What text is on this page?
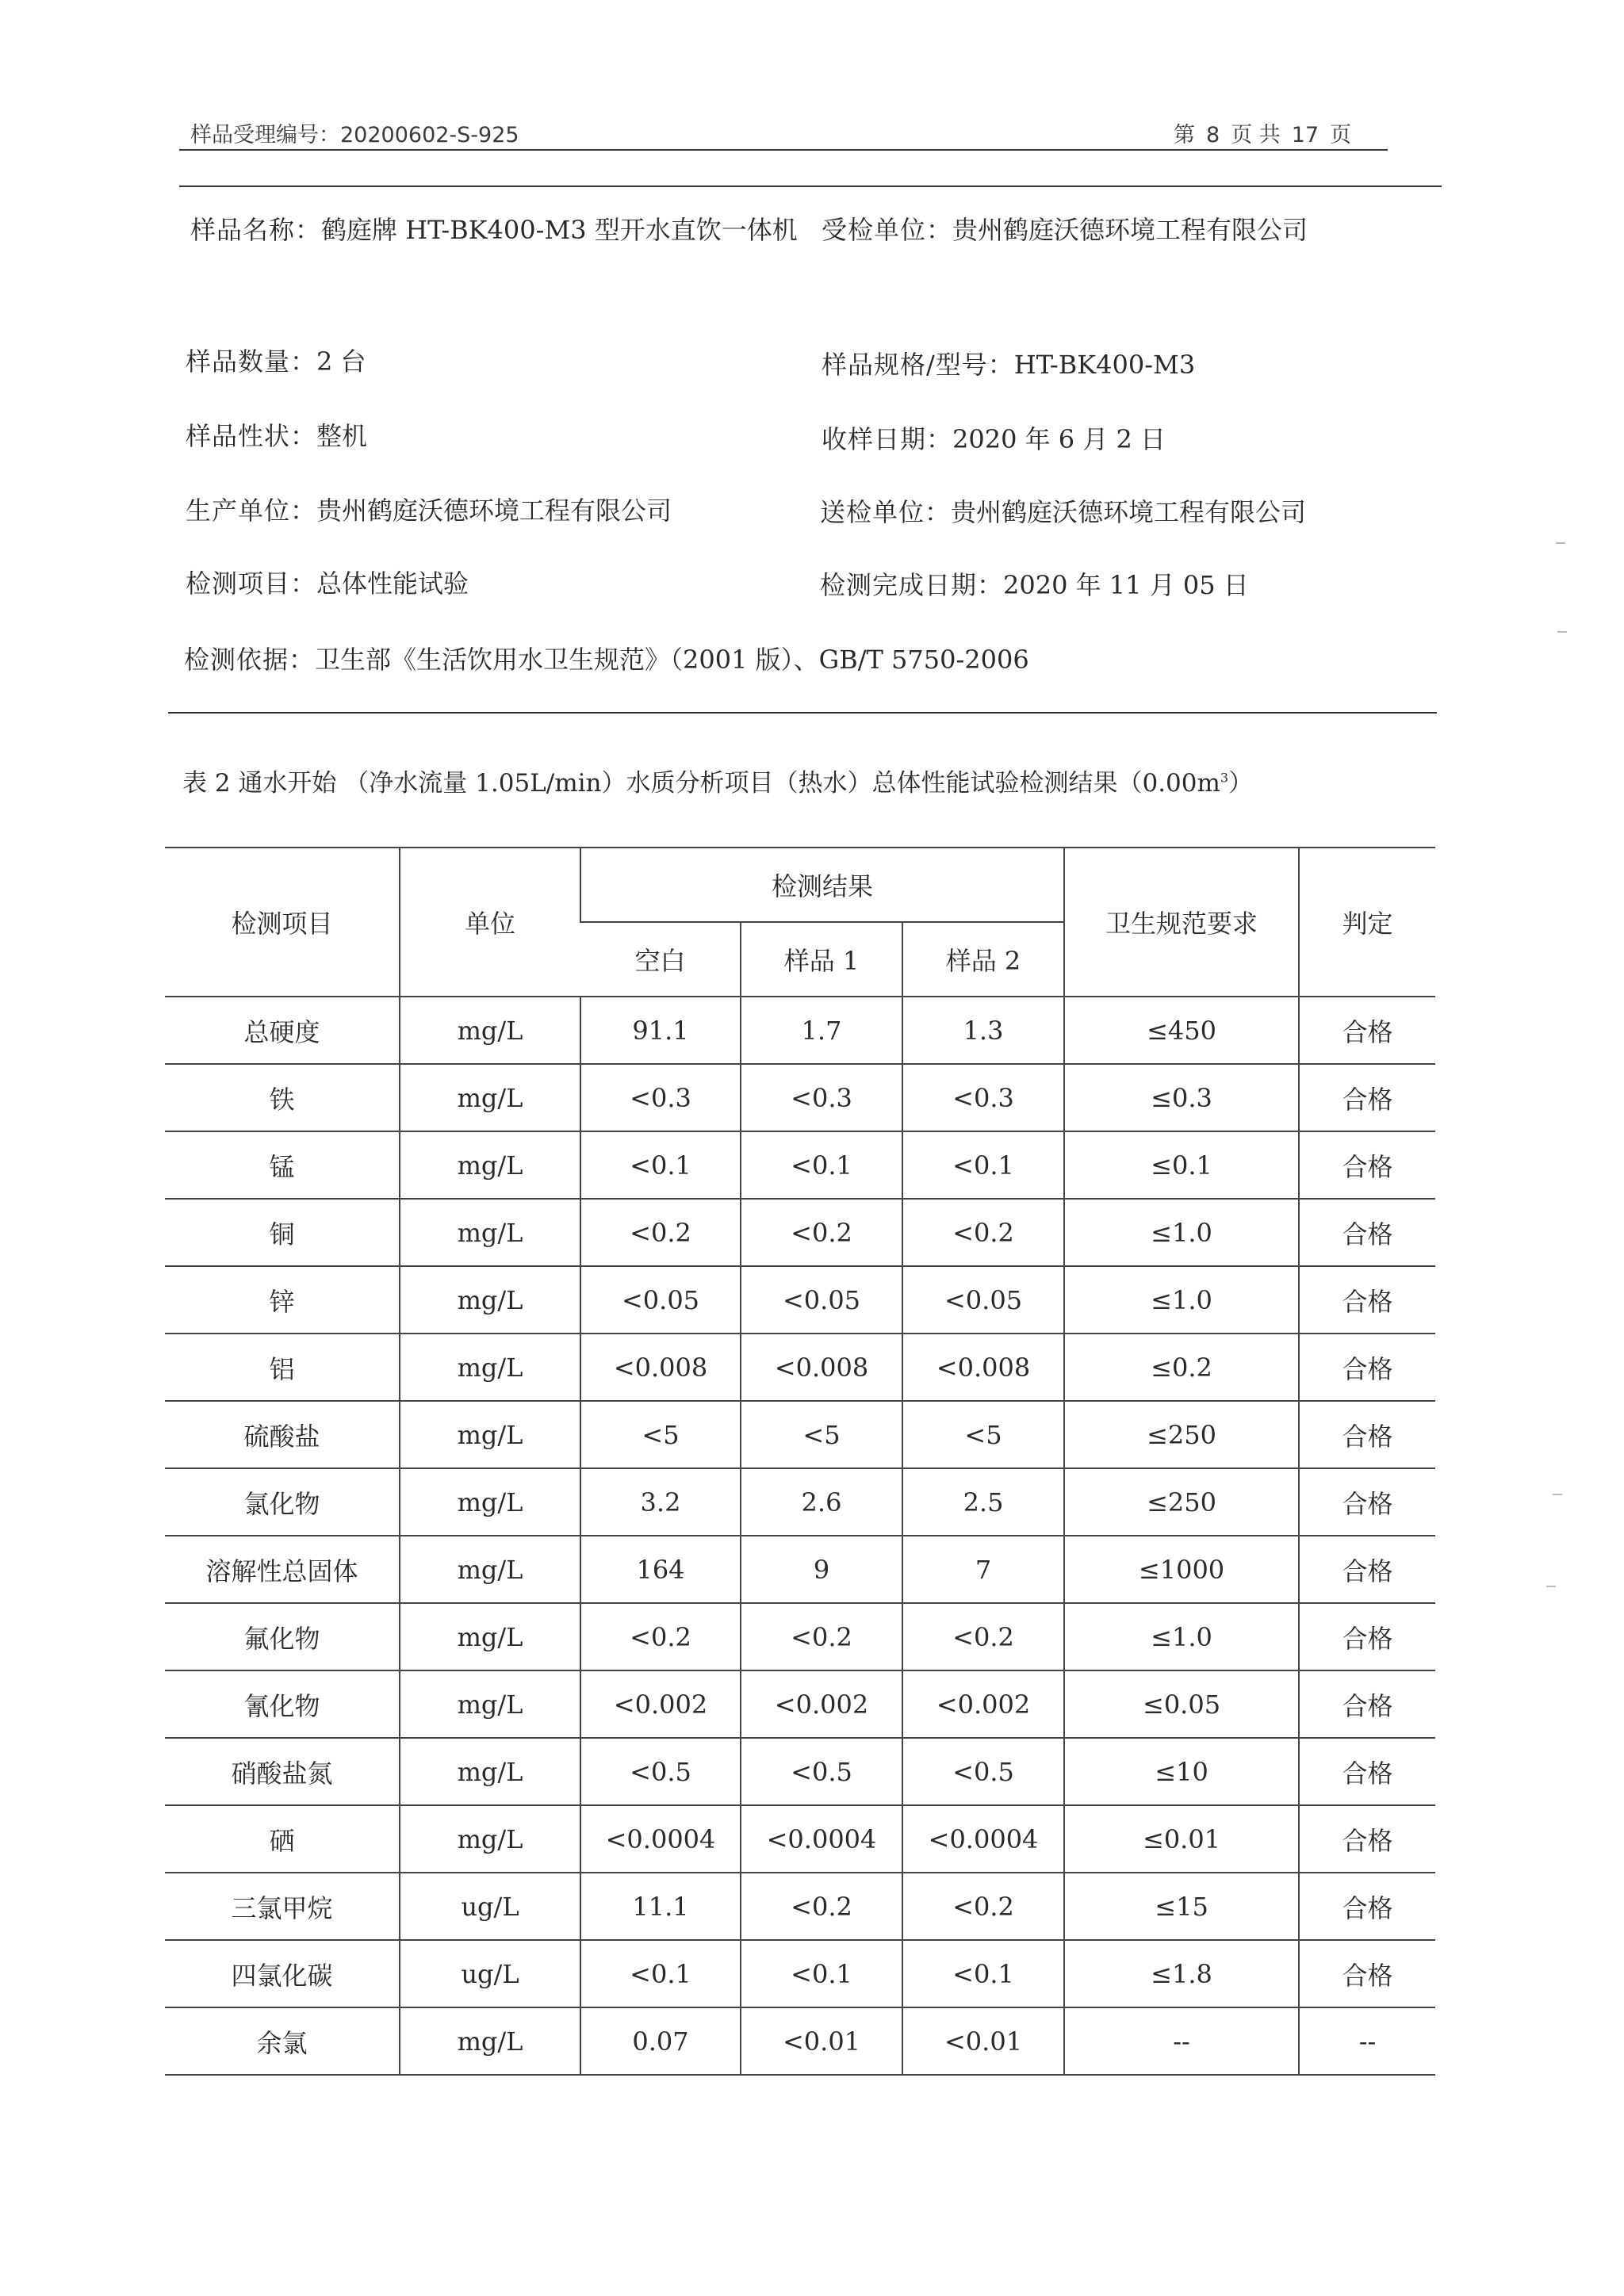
样品受理编号：20200602-S-925	第 8 页 共 17 页
样品名称：鹤庭牌 HT-BK400-M3 型开水直饮一体机 受检单位：贵州鹤庭沃德环境工程有限公司
样品数量：2 台	样品规格/型号：HT-BK400-M3
样品性状：整机	收样日期：2020 年 6 月 2 日
生产单位：贵州鹤庭沃德环境工程有限公司	送检单位：贵州鹤庭沃德环境工程有限公司
检测项目：总体性能试验	检测完成日期：2020 年 11 月 05 日
检测依据：卫生部《生活饮用水卫生规范》（2001 版）、GB/T 5750-2006
表 2 通水开始 （净水流量 1.05L/min）水质分析项目（热水）总体性能试验检测结果$(0.00m^3)$
检测项目	单位	检测结果			卫生规范要求	判定
		空白	样品 1	样品 2		
总硬度	mg/L	91.1	1.7	1.3	≤450	合格
铁	mg/L	<0.3	<0.3	<0.3	≤0.3	合格
锰	mg/L	<0.1	<0.1	<0.1	≤0.1	合格
铜	mg/L	<0.2	<0.2	<0.2	≤1.0	合格
锌	mg/L	<0.05	<0.05	<0.05	≤1.0	合格
铝	mg/L	<0.008	<0.008	<0.008	≤0.2	合格
硫酸盐	mg/L	<5	<5	<5	≤250	合格
氯化物	mg/L	3.2	2.6	2.5	≤250	合格
溶解性总固体	mg/L	164	9	7	≤1000	合格
氟化物	mg/L	<0.2	<0.2	<0.2	≤1.0	合格
氰化物	mg/L	<0.002	<0.002	<0.002	≤0.05	合格
硝酸盐氮	mg/L	<0.5	<0.5	<0.5	≤10	合格
硒	mg/L	<0.0004	<0.0004	<0.0004	≤0.01	合格
三氯甲烷	ug/L	11.1	<0.2	<0.2	≤15	合格
四氯化碳	ug/L	<0.1	<0.1	<0.1	≤1.8	合格
余氯	mg/L	0.07	<0.01	<0.01	--	--
